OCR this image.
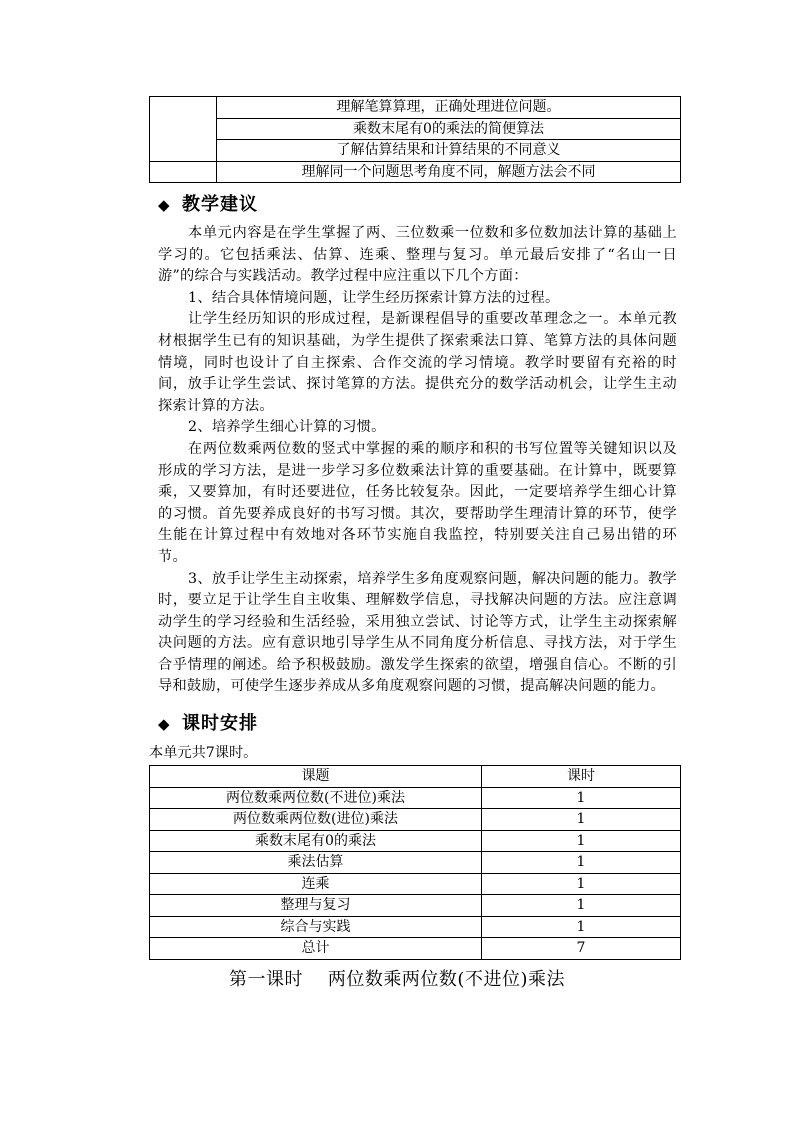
	理解笔算算理，正确处理进位问题。
	乘数末尾有0的乘法的简便算法
	了解估算结果和计算结果的不同意义
	理解同一个问题思考角度不同，解题方法会不同
◆ 教学建议

本单元内容是在学生掌握了两、三位数乘一位数和多位数加法计算的基础上学习的。它包括乘法、估算、连乘、整理与复习。单元最后安排了“名山一日游”的综合与实践活动。教学过程中应注重以下几个方面：

1、结合具体情境问题，让学生经历探索计算方法的过程。

让学生经历知识的形成过程，是新课程倡导的重要改革理念之一。本单元教材根据学生已有的知识基础，为学生提供了探索乘法口算、笔算方法的具体问题情境，同时也设计了自主探索、合作交流的学习情境。教学时要留有充裕的时间，放手让学生尝试、探讨笔算的方法。提供充分的数学活动机会，让学生主动探索计算的方法。

2、培养学生细心计算的习惯。

在两位数乘两位数的竖式中掌握的乘的顺序和积的书写位置等关键知识以及形成的学习方法，是进一步学习多位数乘法计算的重要基础。在计算中，既要算乘，又要算加，有时还要进位，任务比较复杂。因此，一定要培养学生细心计算的习惯。首先要养成良好的书写习惯。其次，要帮助学生理清计算的环节，使学生能在计算过程中有效地对各环节实施自我监控，特别要关注自己易出错的环节。

3、放手让学生主动探索，培养学生多角度观察问题，解决问题的能力。教学时，要立足于让学生自主收集、理解数学信息，寻找解决问题的方法。应注意调动学生的学习经验和生活经验，采用独立尝试、讨论等方式，让学生主动探索解决问题的方法。应有意识地引导学生从不同角度分析信息、寻找方法，对于学生合乎情理的阐述。给予积极鼓励。激发学生探索的欲望，增强自信心。不断的引导和鼓励，可使学生逐步养成从多角度观察问题的习惯，提高解决问题的能力。

◆ 课时安排
本单元共7课时。
课题	课时
两位数乘两位数(不进位)乘法	1
两位数乘两位数(进位)乘法	1
乘数末尾有0的乘法	1
乘法估算	1
连乘	1
整理与复习	1
综合与实践	1
总计	7
第一课时    两位数乘两位数(不进位)乘法
